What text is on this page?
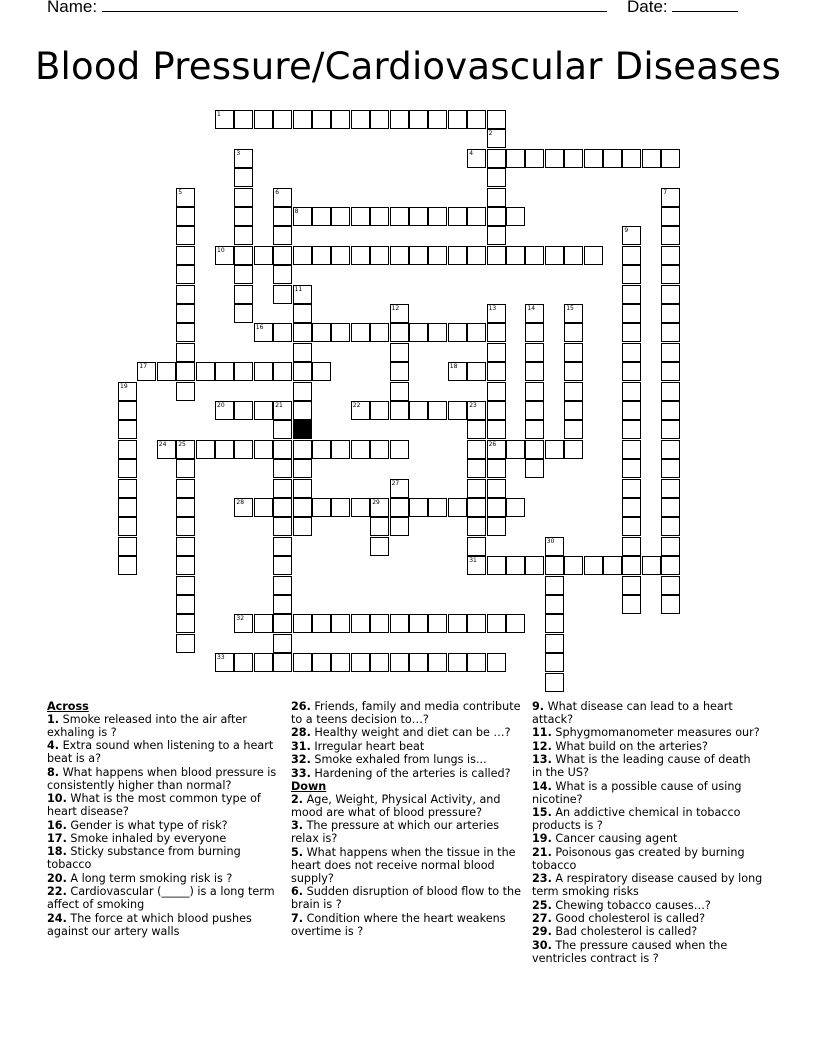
Name:	Date:
Blood Pressure/Cardiovascular Diseases
1
2
3	4
5	6	7
8
9
10
11
12	13
26
14	15
16
17	18
19
20	21	22	23
24 25
27
28	29
30
31
32
33
Across
1. Smoke released into the air after exhaling is ?
4. Extra sound when listening to a heart beat is a?
8. What happens when blood pressure is consistently higher than normal?
10. What is the most common type of heart disease?
16. Gender is what type of risk?
17. Smoke inhaled by everyone
18. Sticky substance from burning tobacco
20. A long term smoking risk is ?
22. Cardiovascular (_____) is a long term affect of smoking
24. The force at which blood pushes against our artery walls
26. Friends, family and media contribute to a teens decision to…?
28. Healthy weight and diet can be …?
31. Irregular heart beat
32. Smoke exhaled from lungs is...
33. Hardening of the arteries is called?
Down
2. Age, Weight, Physical Activity, and mood are what of blood pressure?
3. The pressure at which our arteries relax is?
5. What happens when the tissue in the heart does not receive normal blood supply?
6. Sudden disruption of blood flow to the brain is ?
7. Condition where the heart weakens overtime is ?
9. What disease can lead to a heart attack?
11. Sphygmomanometer measures our?
12. What build on the arteries?
13. What is the leading cause of death in the US?
14. What is a possible cause of using nicotine?
15. An addictive chemical in tobacco products is ?
19. Cancer causing agent
21. Poisonous gas created by burning tobacco
23. A respiratory disease caused by long term smoking risks
25. Chewing tobacco causes…?
27. Good cholesterol is called?
29. Bad cholesterol is called?
30. The pressure caused when the ventricles contract is ?
